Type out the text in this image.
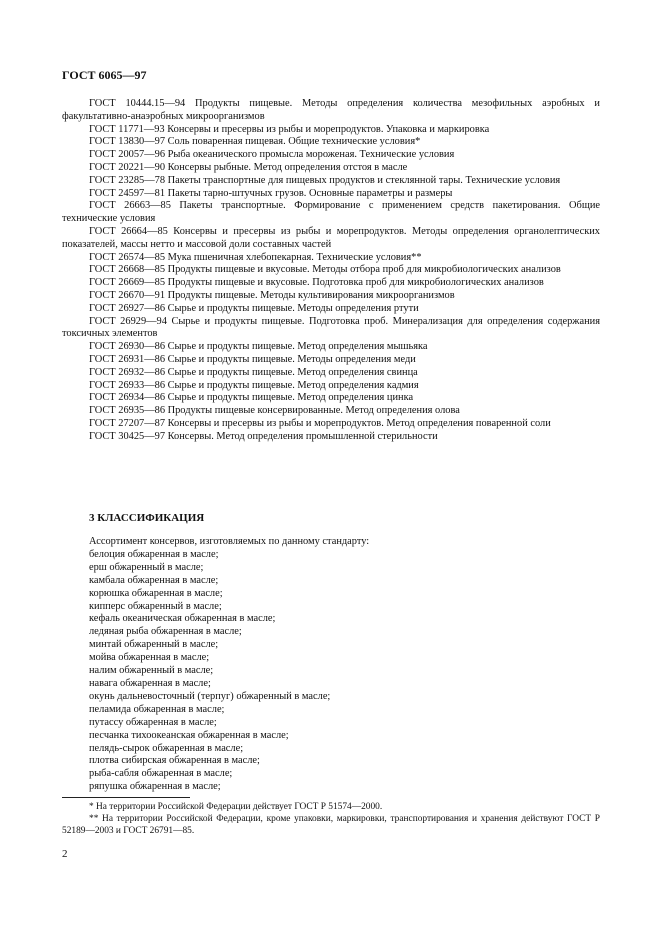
ГОСТ 6065—97

ГОСТ 10444.15—94 Продукты пищевые. Методы определения количества мезофильных аэробных и факультативно-анаэробных микроорганизмов

ГОСТ 11771—93 Консервы и пресервы из рыбы и морепродуктов. Упаковка и маркировка

ГОСТ 13830—97 Соль поваренная пищевая. Общие технические условия*

ГОСТ 20057—96 Рыба океанического промысла мороженая. Технические условия

ГОСТ 20221—90 Консервы рыбные. Метод определения отстоя в масле

ГОСТ 23285—78 Пакеты транспортные для пищевых продуктов и стеклянной тары. Технические условия

ГОСТ 24597—81 Пакеты тарно-штучных грузов. Основные параметры и размеры

ГОСТ 26663—85 Пакеты транспортные. Формирование с применением средств пакетирования. Общие технические условия

ГОСТ 26664—85 Консервы и пресервы из рыбы и морепродуктов. Методы определения органолептических показателей, массы нетто и массовой доли составных частей

ГОСТ 26574—85 Мука пшеничная хлебопекарная. Технические условия**

ГОСТ 26668—85 Продукты пищевые и вкусовые. Методы отбора проб для микробиологических анализов

ГОСТ 26669—85 Продукты пищевые и вкусовые. Подготовка проб для микробиологических анализов

ГОСТ 26670—91 Продукты пищевые. Методы культивирования микроорганизмов

ГОСТ 26927—86 Сырье и продукты пищевые. Методы определения ртути

ГОСТ 26929—94 Сырье и продукты пищевые. Подготовка проб. Минерализация для определения содержания токсичных элементов

ГОСТ 26930—86 Сырье и продукты пищевые. Метод определения мышьяка

ГОСТ 26931—86 Сырье и продукты пищевые. Методы определения меди

ГОСТ 26932—86 Сырье и продукты пищевые. Метод определения свинца

ГОСТ 26933—86 Сырье и продукты пищевые. Метод определения кадмия

ГОСТ 26934—86 Сырье и продукты пищевые. Метод определения цинка

ГОСТ 26935—86 Продукты пищевые консервированные. Метод определения олова

ГОСТ 27207—87 Консервы и пресервы из рыбы и морепродуктов. Метод определения поваренной соли

ГОСТ 30425—97 Консервы. Метод определения промышленной стерильности

3 КЛАССИФИКАЦИЯ
Ассортимент консервов, изготовляемых по данному стандарту:
белоция обжаренная в масле;
ерш обжаренный в масле;
камбала обжаренная в масле;
корюшка обжаренная в масле;
кипперс обжаренный в масле;
кефаль океаническая обжаренная в масле;
ледяная рыба обжаренная в масле;
минтай обжаренный в масле;
мойва обжаренная в масле;
налим обжаренный в масле;
навага обжаренная в масле;
окунь дальневосточный (терпуг) обжаренный в масле;
пеламида обжаренная в масле;
путассу обжаренная в масле;
песчанка тихоокеанская обжаренная в масле;
пелядь-сырок обжаренная в масле;
плотва сибирская обжаренная в масле;
рыба-сабля обжаренная в масле;
ряпушка обжаренная в масле;

* На территории Российской Федерации действует ГОСТ Р 51574—2000.

** На территории Российской Федерации, кроме упаковки, маркировки, транспортирования и хранения действуют ГОСТ Р 52189—2003 и ГОСТ 26791—85.

2
